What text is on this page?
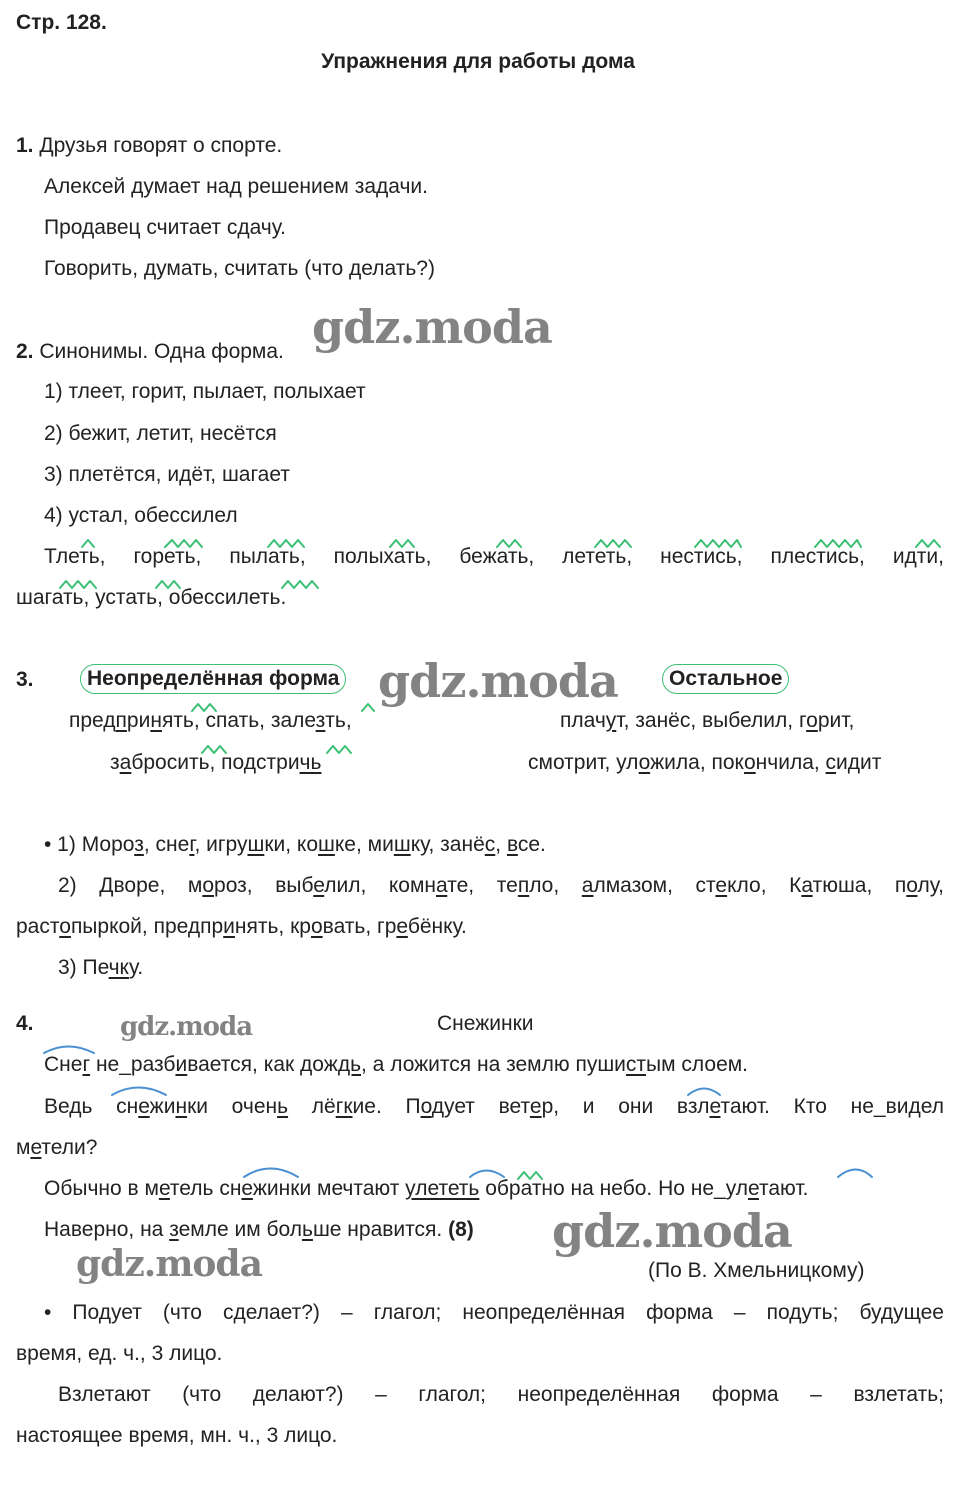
Стр. 128.
Упражнения для работы дома
1. Друзья говорят о спорте.
Алексей думает над решением задачи.
Продавец считает сдачу.
Говорить, думать, считать (что делать?)
gdz.moda
2. Синонимы. Одна форма.
1) тлеет, горит, пылает, полыхает
2) бежит, летит, несётся
3) плетётся, идёт, шагает
4) устал, обессилел
Тлеть, гореть, пылать, полыхать, бежать, лететь, нестись, плестись, идти,
шагать, устать, обессилеть.
3.	Неопределённая форма gdz.moda	Остальное
предпринять, спать, залезть,
забросить, подстричь
плачут, занёс, выбелил, горит,
смотрит, уложила, покончила, сидит
• 1) Мороз, снег, игрушки, кошке, мишку, занёс, все.
2) Дворе, мороз, выбелил, комнате, тепло, алмазом, стекло, Катюша, полу,
растопыркой, предпринять, кровать, гребёнку.
3) Печку.
4.	gdz.moda	Снежинки
Снег не_разбивается, как дождь, а ложится на землю пушистым слоем.
Ведь снежинки очень лёгкие. Подует ветер, и они взлетают. Кто не_видел
метели?
Обычно в метель снежинки мечтают улететь обратно на небо. Но не_улетают.
Наверно, на земле им больше нравится. (8) gdz.moda
gdz.moda	(По В. Хмельницкому)
• Подует (что сделает?) – глагол; неопределённая форма – подуть; будущее
время, ед. ч., 3 лицо.
Взлетают (что делают?) – глагол; неопределённая форма – взлетать;
настоящее время, мн. ч., 3 лицо.
